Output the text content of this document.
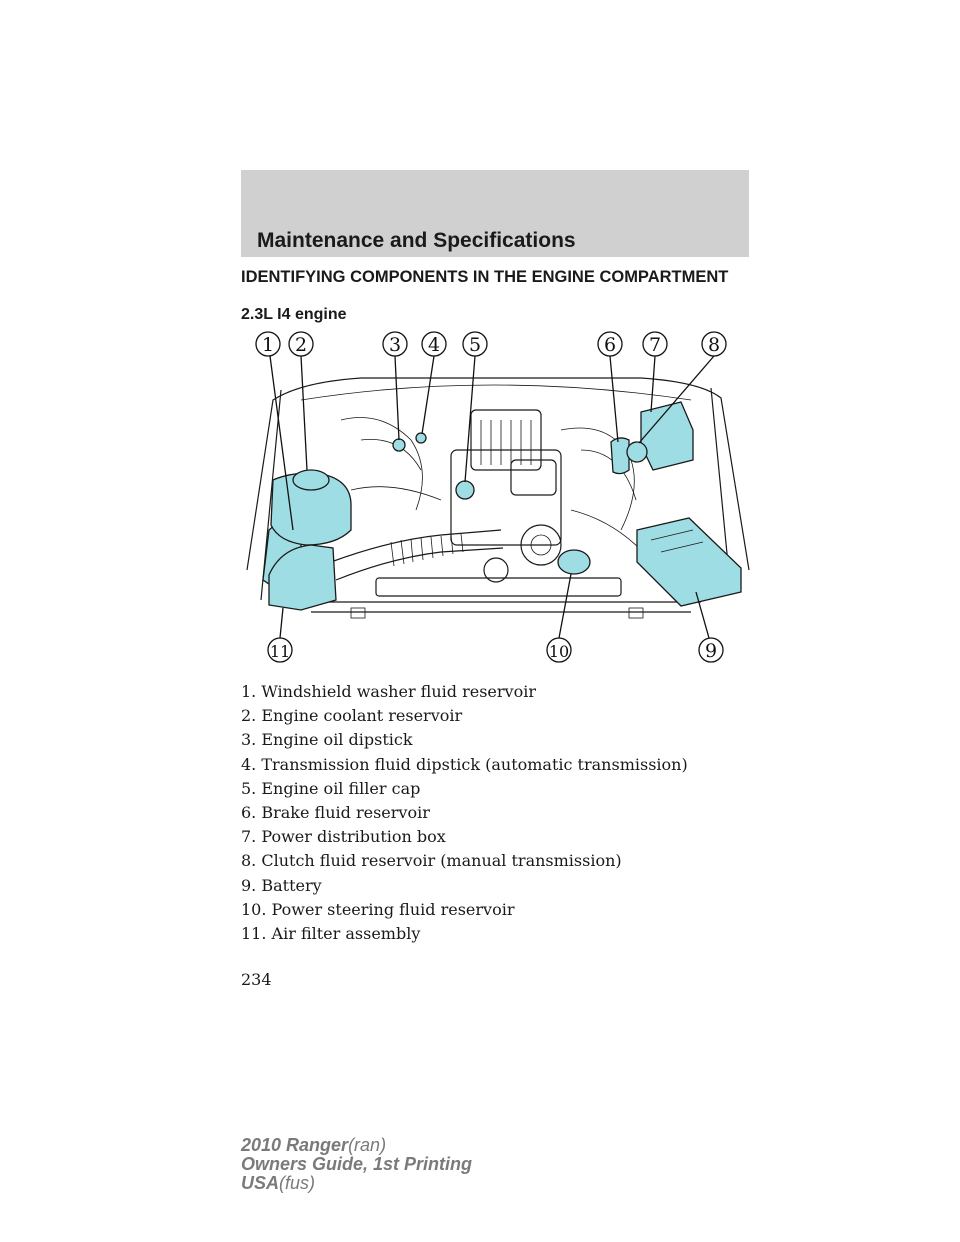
Maintenance and Specifications
IDENTIFYING COMPONENTS IN THE ENGINE COMPARTMENT
2.3L I4 engine
1 2	3 4 5	6 7 8
9
10
11
1. Windshield washer fluid reservoir
2. Engine coolant reservoir
3. Engine oil dipstick
4. Transmission fluid dipstick (automatic transmission)
5. Engine oil filler cap
6. Brake fluid reservoir
7. Power distribution box
8. Clutch fluid reservoir (manual transmission)
9. Battery
10. Power steering fluid reservoir
11. Air filter assembly
234
2010 Ranger(ran)
Owners Guide, 1st Printing
USA(fus)
